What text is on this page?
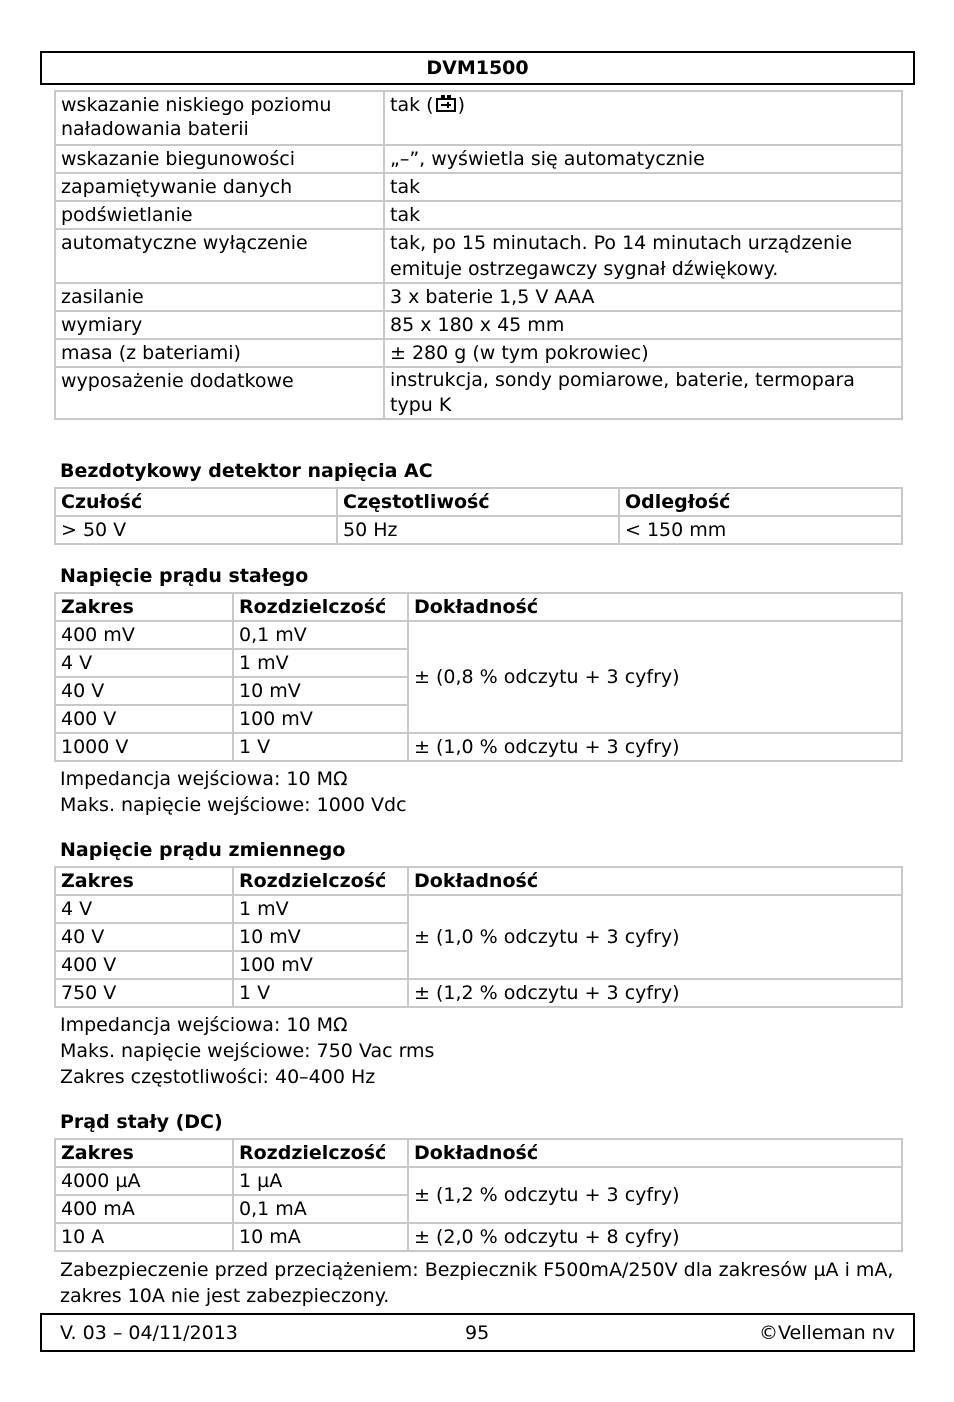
DVM1500
wskazanie niskiego poziomu naładowania baterii	tak ( )
wskazanie biegunowości	„–”, wyświetla się automatycznie
zapamiętywanie danych	tak
podświetlanie	tak
automatyczne wyłączenie	tak, po 15 minutach. Po 14 minutach urządzenie emituje ostrzegawczy sygnał dźwiękowy.
zasilanie	3 x baterie 1,5 V AAA
wymiary	85 x 180 x 45 mm
masa (z bateriami)	± 280 g (w tym pokrowiec)
wyposażenie dodatkowe	instrukcja, sondy pomiarowe, baterie, termopara typu K
Bezdotykowy detektor napięcia AC
Czułość	Częstotliwość	Odległość
> 50 V	50 Hz	< 150 mm
Napięcie prądu stałego
Zakres	Rozdzielczość	Dokładność
400 mV	0,1 mV	± (0,8 % odczytu + 3 cyfry)
4 V	1 mV	
40 V	10 mV	
400 V	100 mV	
1000 V	1 V	± (1,0 % odczytu + 3 cyfry)
Impedancja wejściowa: 10 MΩ
Maks. napięcie wejściowe: 1000 Vdc
Napięcie prądu zmiennego
Zakres	Rozdzielczość	Dokładność
4 V	1 mV	± (1,0 % odczytu + 3 cyfry)
40 V	10 mV	
400 V	100 mV	
750 V	1 V	± (1,2 % odczytu + 3 cyfry)
Impedancja wejściowa: 10 MΩ
Maks. napięcie wejściowe: 750 Vac rms
Zakres częstotliwości: 40–400 Hz
Prąd stały (DC)
Zakres	Rozdzielczość	Dokładność
4000 µA	1 µA	± (1,2 % odczytu + 3 cyfry)
400 mA	0,1 mA	
10 A	10 mA	± (2,0 % odczytu + 8 cyfry)
Zabezpieczenie przed przeciążeniem: Bezpiecznik F500mA/250V dla zakresów µA i mA, zakres 10A nie jest zabezpieczony.
V. 03 – 04/11/2013	95	©Velleman nv
